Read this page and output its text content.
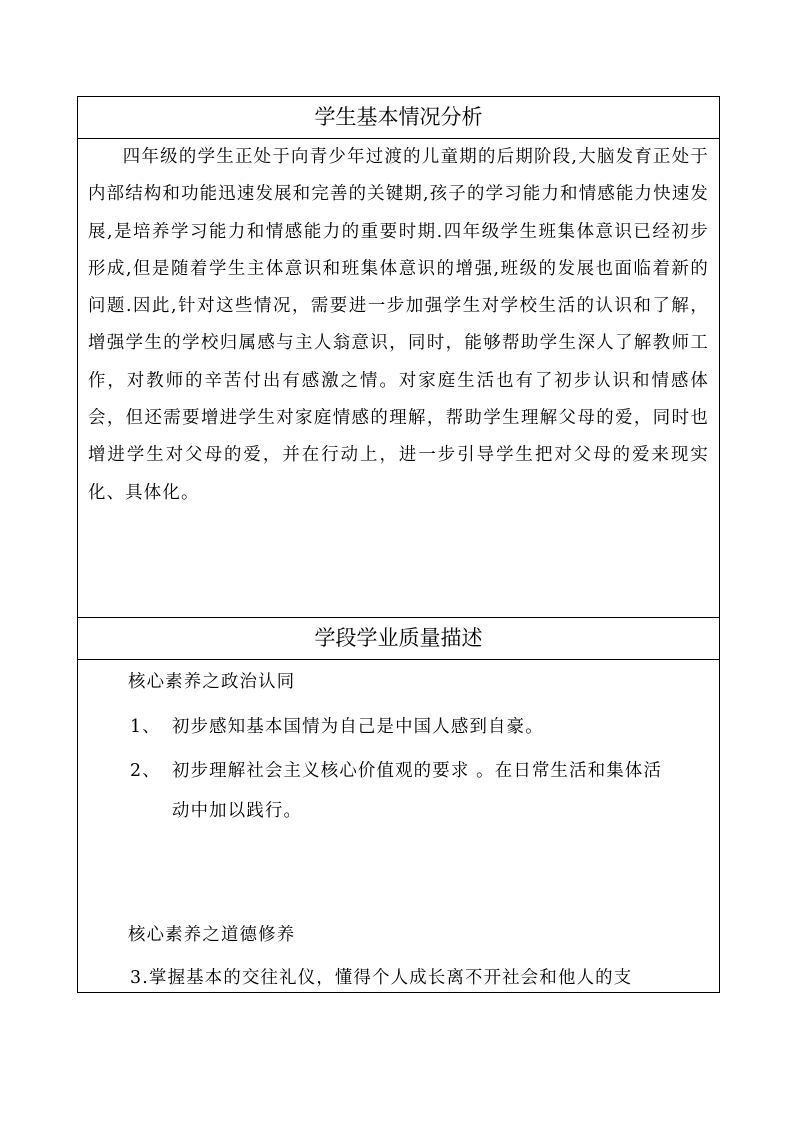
学生基本情况分析

四年级的学生正处于向青少年过渡的儿童期的后期阶段,大脑发育正处于内部结构和功能迅速发展和完善的关键期,孩子的学习能力和情感能力快速发展,是培养学习能力和情感能力的重要时期.四年级学生班集体意识已经初步形成,但是随着学生主体意识和班集体意识的增强,班级的发展也面临着新的问题.因此,针对这些情况，需要进一步加强学生对学校生活的认识和了解，增强学生的学校归属感与主人翁意识，同时，能够帮助学生深人了解教师工作，对教师的辛苦付出有感激之情。对家庭生活也有了初步认识和情感体会，但还需要增进学生对家庭情感的理解，帮助学生理解父母的爱，同时也增进学生对父母的爱，并在行动上，进一步引导学生把对父母的爱来现实化、具体化。

学段学业质量描述
核心素养之政治认同
1、 初步感知基本国情为自己是中国人感到自豪。
2、 初步理解社会主义核心价值观的要求 。在日常生活和集体活
动中加以践行。
核心素养之道德修养
3.掌握基本的交往礼仪，懂得个人成长离不开社会和他人的支
